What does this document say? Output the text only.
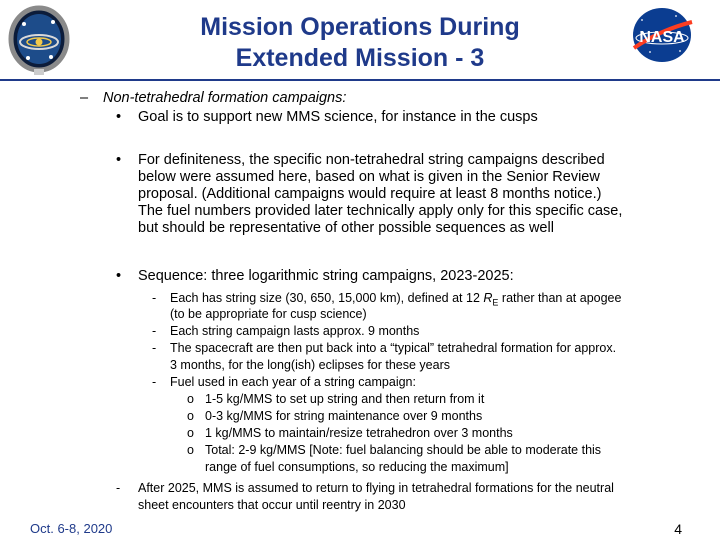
NASA
Mission Operations During
Extended Mission - 3
– Non-tetrahedral formation campaigns:
• Goal is to support new MMS science, for instance in the cusps
• For definiteness, the specific non-tetrahedral string campaigns described
below were assumed here, based on what is given in the Senior Review
proposal. (Additional campaigns would require at least 8 months notice.)
The fuel numbers provided later technically apply only for this specific case,
but should be representative of other possible sequences as well
• Sequence: three logarithmic string campaigns, 2023-2025:
- Each has string size (30, 650, 15,000 km), defined at 12 $R_E$ rather than at apogee
(to be appropriate for cusp science)
- Each string campaign lasts approx. 9 months
- The spacecraft are then put back into a “typical” tetrahedral formation for approx.
3 months, for the long(ish) eclipses for these years
- Fuel used in each year of a string campaign:
o 1-5 kg/MMS to set up string and then return from it
o 0-3 kg/MMS for string maintenance over 9 months
o 1 kg/MMS to maintain/resize tetrahedron over 3 months
o Total: 2-9 kg/MMS [Note: fuel balancing should be able to moderate this
range of fuel consumptions, so reducing the maximum]
- After 2025, MMS is assumed to return to flying in tetrahedral formations for the neutral
sheet encounters that occur until reentry in 2030
Oct. 6-8, 2020	4
